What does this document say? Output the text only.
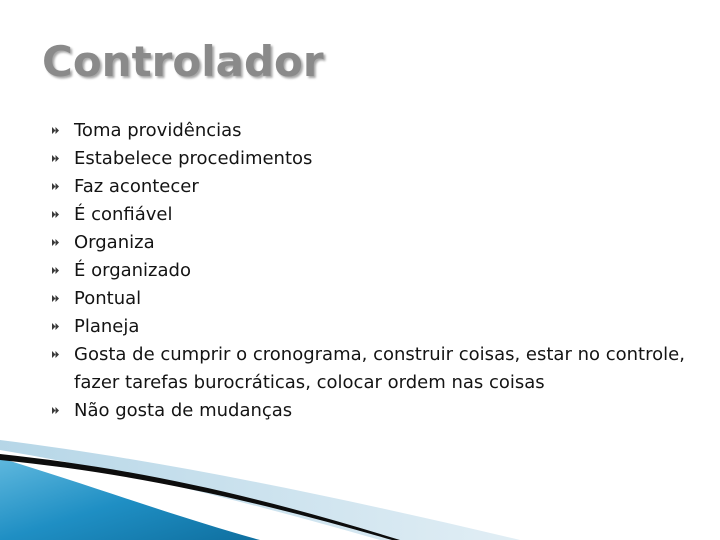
Controlador
Toma providências
Estabelece procedimentos
Faz acontecer
É confiável
Organiza
É organizado
Pontual
Planeja
Gosta de cumprir o cronograma, construir coisas, estar no controle, fazer tarefas burocráticas, colocar ordem nas coisas
Não gosta de mudanças
